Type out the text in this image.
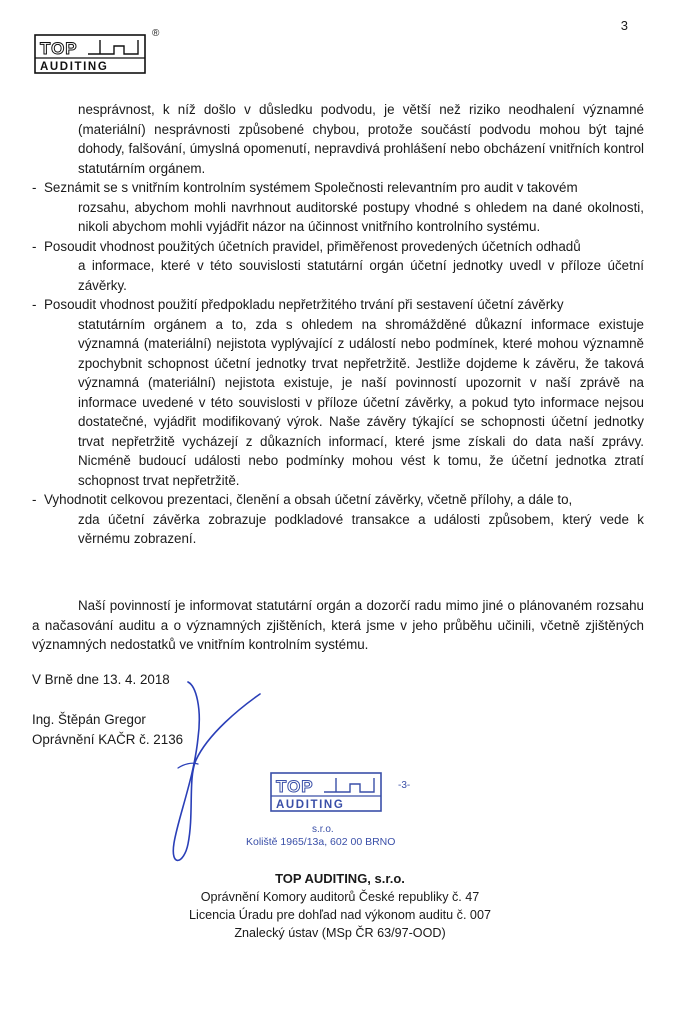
3
TOP
AUDITING
®

nesprávnost, k níž došlo v důsledku podvodu, je větší než riziko neodhalení významné (materiální) nesprávnosti způsobené chybou, protože součástí podvodu mohou být tajné dohody, falšování, úmyslná opomenutí, nepravdivá prohlášení nebo obcházení vnitřních kontrol statutárním orgánem.

- Seznámit se s vnitřním kontrolním systémem Společnosti relevantním pro audit v takovém
rozsahu, abychom mohli navrhnout auditorské postupy vhodné s ohledem na dané okolnosti, nikoli abychom mohli vyjádřit názor na účinnost vnitřního kontrolního systému.
- Posoudit vhodnost použitých účetních pravidel, přiměřenost provedených účetních odhadů
a informace, které v této souvislosti statutární orgán účetní jednotky uvedl v příloze účetní závěrky.
- Posoudit vhodnost použití předpokladu nepřetržitého trvání při sestavení účetní závěrky
statutárním orgánem a to, zda s ohledem na shromážděné důkazní informace existuje významná (materiální) nejistota vyplývající z událostí nebo podmínek, které mohou významně zpochybnit schopnost účetní jednotky trvat nepřetržitě. Jestliže dojdeme k závěru, že taková významná (materiální) nejistota existuje, je naší povinností upozornit v naší zprávě na informace uvedené v této souvislosti v příloze účetní závěrky, a pokud tyto informace nejsou dostatečné, vyjádřit modifikovaný výrok. Naše závěry týkající se schopnosti účetní jednotky trvat nepřetržitě vycházejí z důkazních informací, které jsme získali do data naší zprávy. Nicméně budoucí události nebo podmínky mohou vést k tomu, že účetní jednotka ztratí schopnost trvat nepřetržitě.
- Vyhodnotit celkovou prezentaci, členění a obsah účetní závěrky, včetně přílohy, a dále to,
zda účetní závěrka zobrazuje podkladové transakce a události způsobem, který vede k věrnému zobrazení.

Naší povinností je informovat statutární orgán a dozorčí radu mimo jiné o plánovaném rozsahu a načasování auditu a o významných zjištěních, která jsme v jeho průběhu učinili, včetně zjištěných významných nedostatků ve vnitřním kontrolním systému.

V Brně dne 13. 4. 2018
Ing. Štěpán Gregor
Oprávnění KAČR č. 2136
TOP
AUDITING
-3-
s.r.o.
Koliště 1965/13a, 602 00 BRNO
TOP AUDITING, s.r.o.
Oprávnění Komory auditorů České republiky č. 47
Licencia Úradu pre dohľad nad výkonom auditu č. 007
Znalecký ústav (MSp ČR 63/97-OOD)
